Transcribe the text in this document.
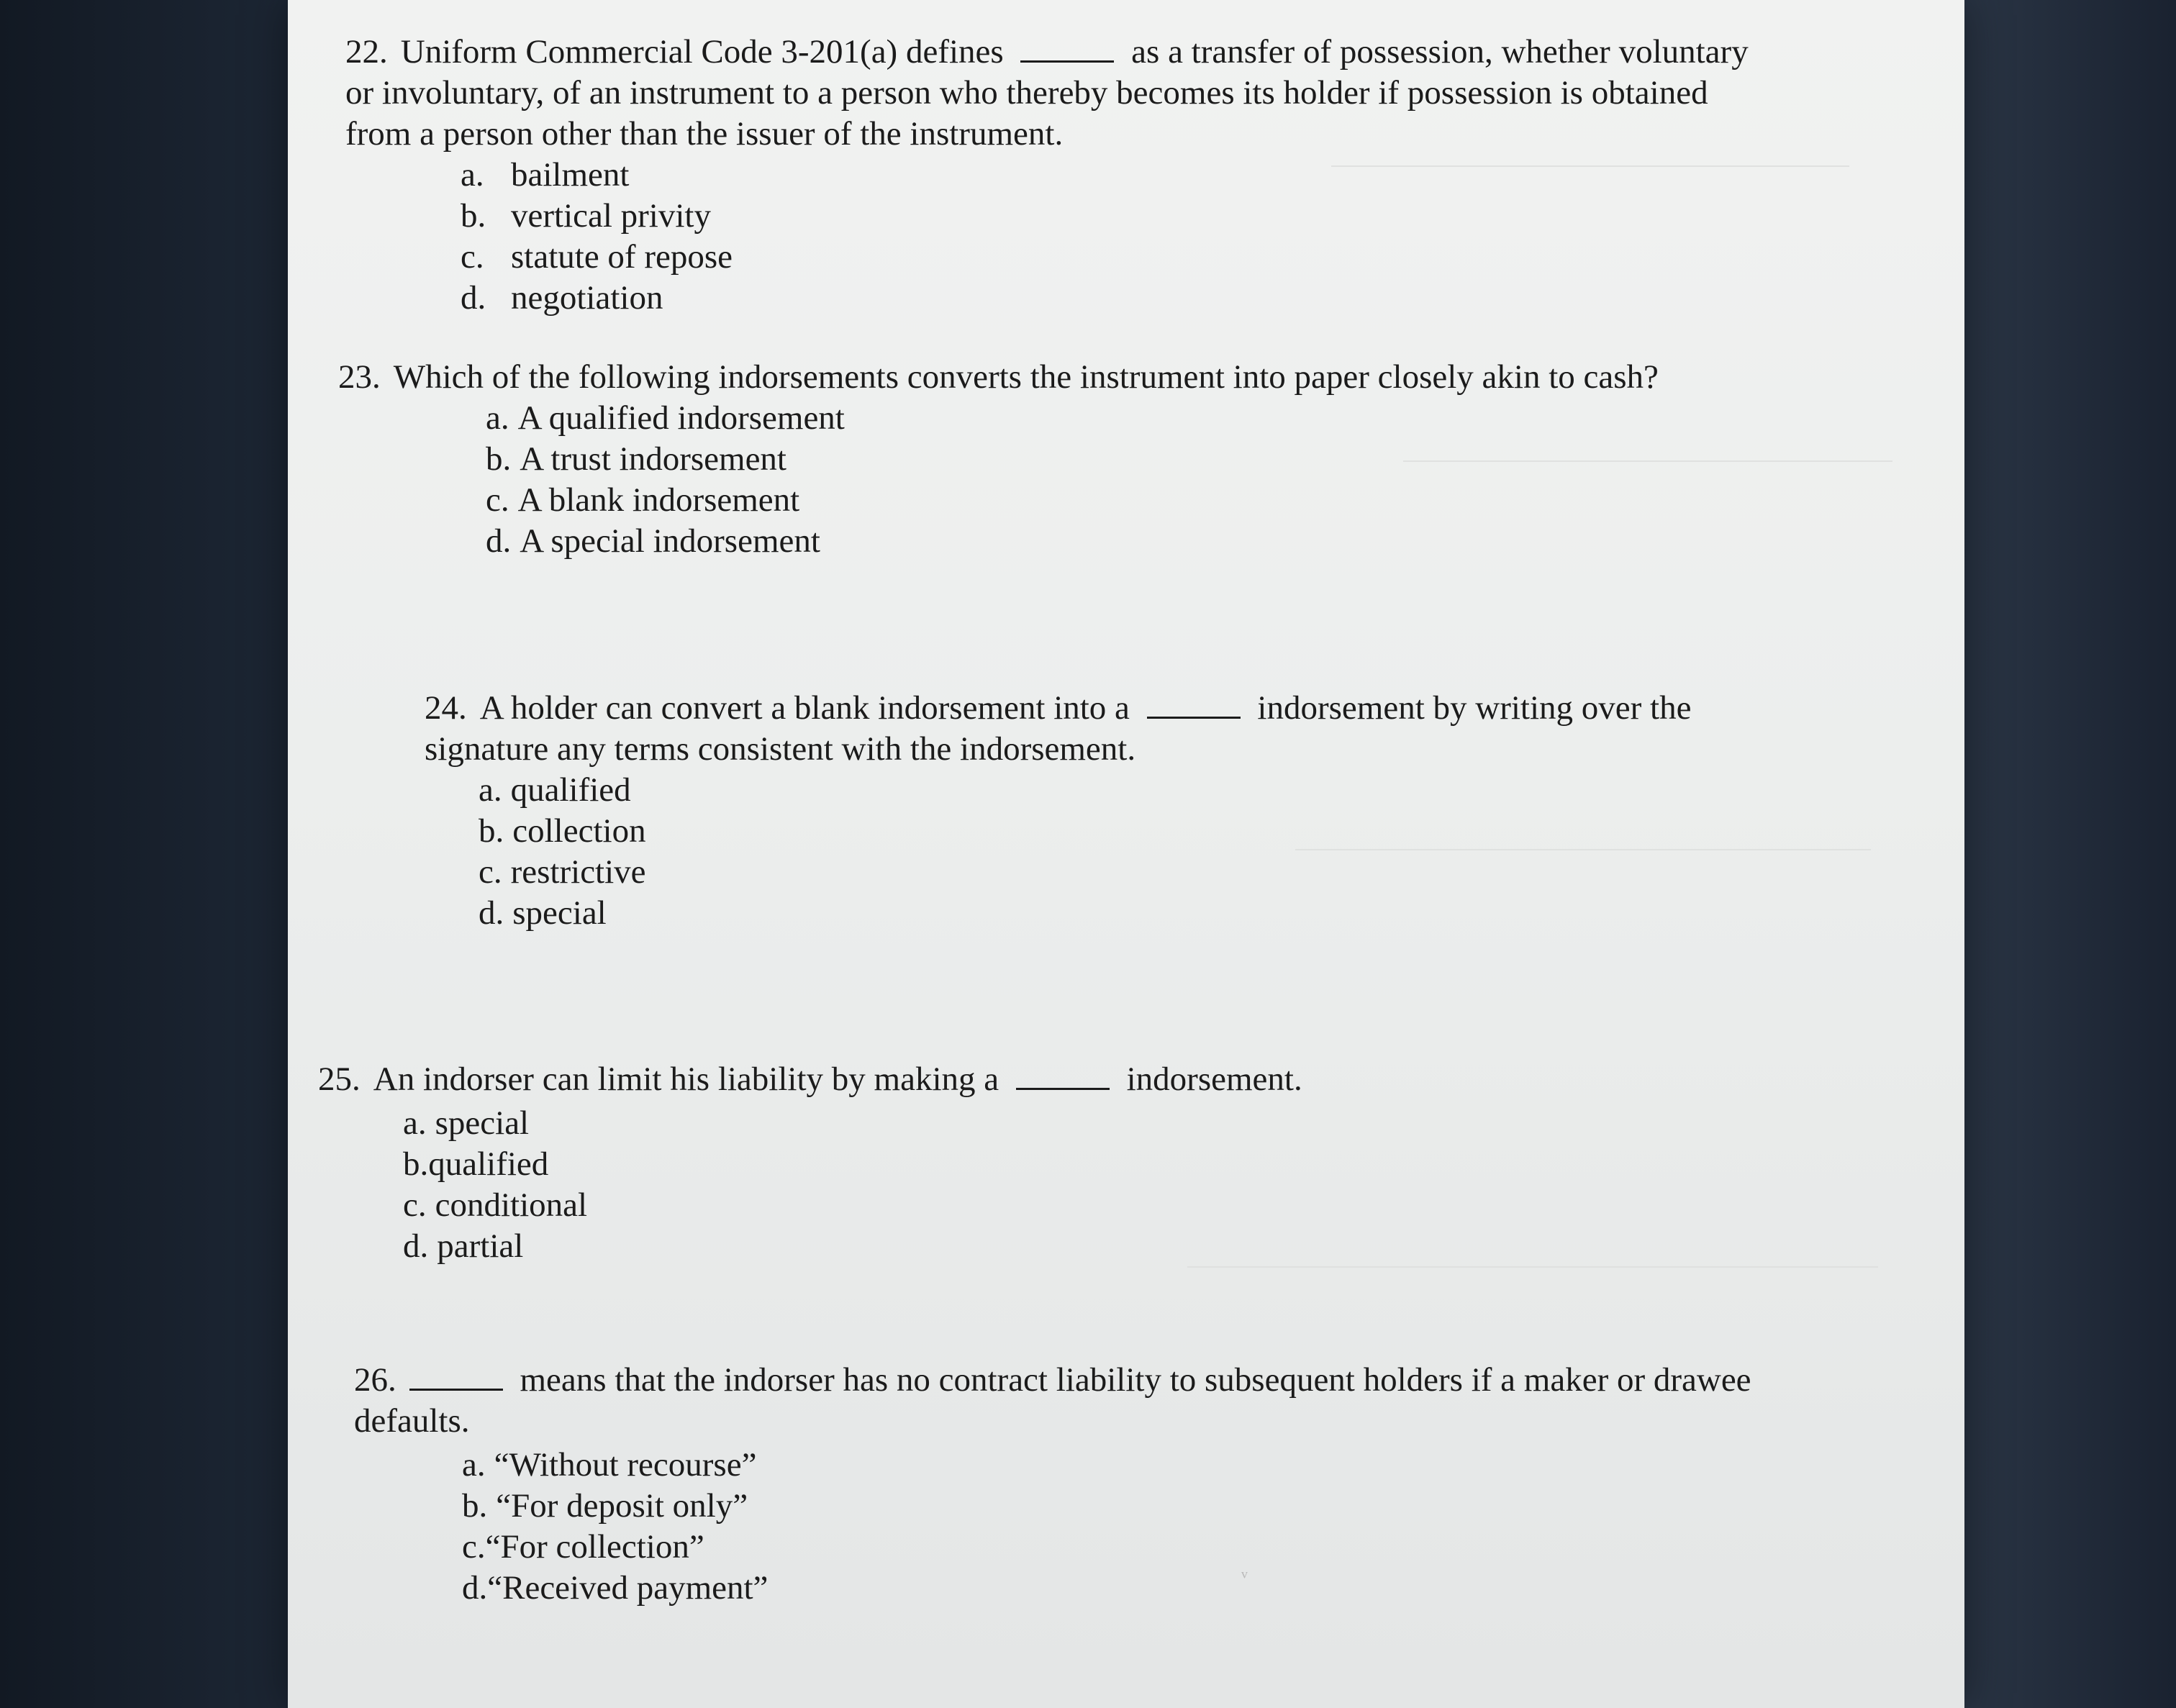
22. Uniform Commercial Code 3-201(a) defines	as a transfer of possession, whether voluntary or involuntary, of an instrument to a person who thereby becomes its holder if possession is obtained from a person other than the issuer of the instrument.

a. bailment
b. vertical privity
c. statute of repose
d. negotiation

23. Which of the following indorsements converts the instrument into paper closely akin to cash?

a. A qualified indorsement
b. A trust indorsement
c. A blank indorsement
d. A special indorsement

24. A holder can convert a blank indorsement into a	indorsement by writing over the signature any terms consistent with the indorsement.

a. qualified
b. collection
c. restrictive
d. special

25. An indorser can limit his liability by making a	indorsement.

a. special
b.qualified
c. conditional
d. partial

26.	means that the indorser has no contract liability to subsequent holders if a maker or drawee defaults.

a. “Without recourse”
b. “For deposit only”
c.“For collection”
d.“Received payment”	ᵥ
